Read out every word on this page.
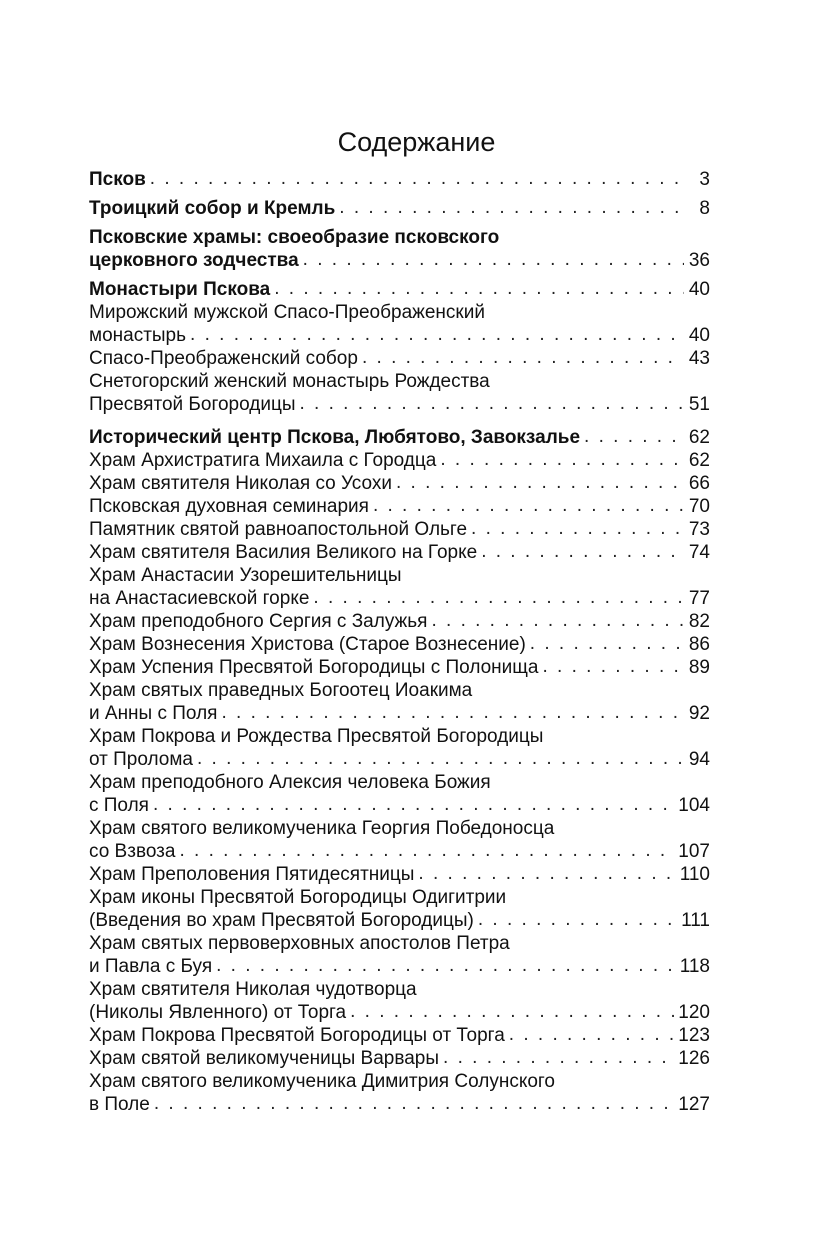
Содержание
Псков . . .	3
Троицкий собор и Кремль . . .	8
Псковские храмы: своеобразие псковского
церковного зодчества . . .	36
Монастыри Пскова . . .	40
Мирожский мужской Спасо-Преображенский
монастырь . . .	40
Спасо-Преображенский собор . . .	43
Снетогорский женский монастырь Рождества
Пресвятой Богородицы . . .	51
Исторический центр Пскова, Любятово, Завокзалье . . .	62
Храм Архистратига Михаила с Городца . . .	62
Храм святителя Николая со Усохи . . .	66
Псковская духовная семинария . . .	70
Памятник святой равноапостольной Ольге . . .	73
Храм святителя Василия Великого на Горке . . .	74
Храм Анастасии Узорешительницы
на Анастасиевской горке . . .	77
Храм преподобного Сергия с Залужья . . .	82
Храм Вознесения Христова (Старое Вознесение) . . .	86
Храм Успения Пресвятой Богородицы с Полонища . . .	89
Храм святых праведных Богоотец Иоакима
и Анны с Поля . . .	92
Храм Покрова и Рождества Пресвятой Богородицы
от Пролома . . .	94
Храм преподобного Алексия человека Божия
с Поля . . .	104
Храм святого великомученика Георгия Победоносца
со Взвоза . . .	107
Храм Преполовения Пятидесятницы . . .	110
Храм иконы Пресвятой Богородицы Одигитрии
(Введения во храм Пресвятой Богородицы) . . .	111
Храм святых первоверховных апостолов Петра
и Павла с Буя . . .	118
Храм святителя Николая чудотворца
(Николы Явленного) от Торга . . .	120
Храм Покрова Пресвятой Богородицы от Торга . . .	123
Храм святой великомученицы Варвары . . .	126
Храм святого великомученика Димитрия Солунского
в Поле . . .	127
